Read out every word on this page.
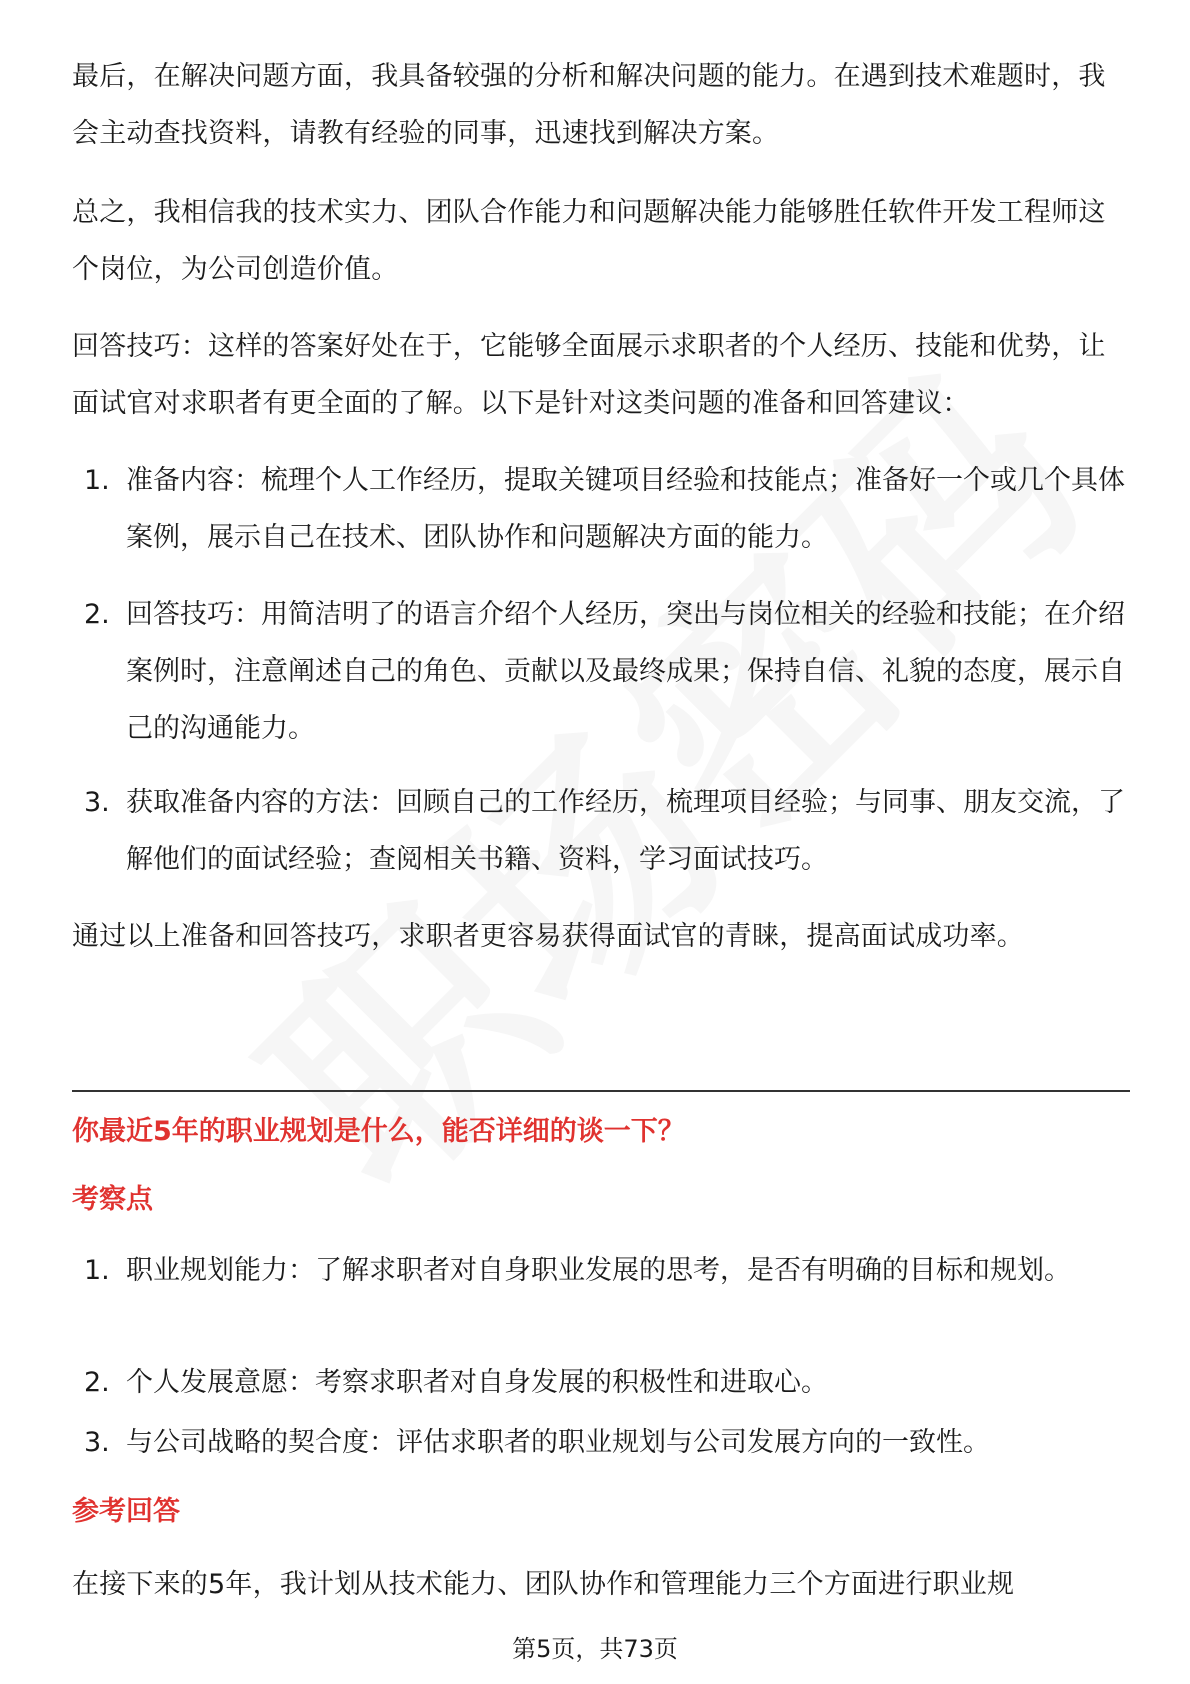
最后，在解决问题方面，我具备较强的分析和解决问题的能力。在遇到技术难题时，我会主动查找资料，请教有经验的同事，迅速找到解决方案。

总之，我相信我的技术实力、团队合作能力和问题解决能力能够胜任软件开发工程师这个岗位，为公司创造价值。

回答技巧：这样的答案好处在于，它能够全面展示求职者的个人经历、技能和优势，让面试官对求职者有更全面的了解。以下是针对这类问题的准备和回答建议：

1. 准备内容：梳理个人工作经历，提取关键项目经验和技能点；准备好一个或几个具体案例，展示自己在技术、团队协作和问题解决方面的能力。
2. 回答技巧：用简洁明了的语言介绍个人经历，突出与岗位相关的经验和技能；在介绍案例时，注意阐述自己的角色、贡献以及最终成果；保持自信、礼貌的态度，展示自己的沟通能力。
3. 获取准备内容的方法：回顾自己的工作经历，梳理项目经验；与同事、朋友交流，了解他们的面试经验；查阅相关书籍、资料，学习面试技巧。

通过以上准备和回答技巧，求职者更容易获得面试官的青睐，提高面试成功率。

你最近5年的职业规划是什么，能否详细的谈一下？
考察点
1. 职业规划能力：了解求职者对自身职业发展的思考，是否有明确的目标和规划。
2. 个人发展意愿：考察求职者对自身发展的积极性和进取心。
3. 与公司战略的契合度：评估求职者的职业规划与公司发展方向的一致性。
参考回答

在接下来的5年，我计划从技术能力、团队协作和管理能力三个方面进行职业规

第5页，共73页
